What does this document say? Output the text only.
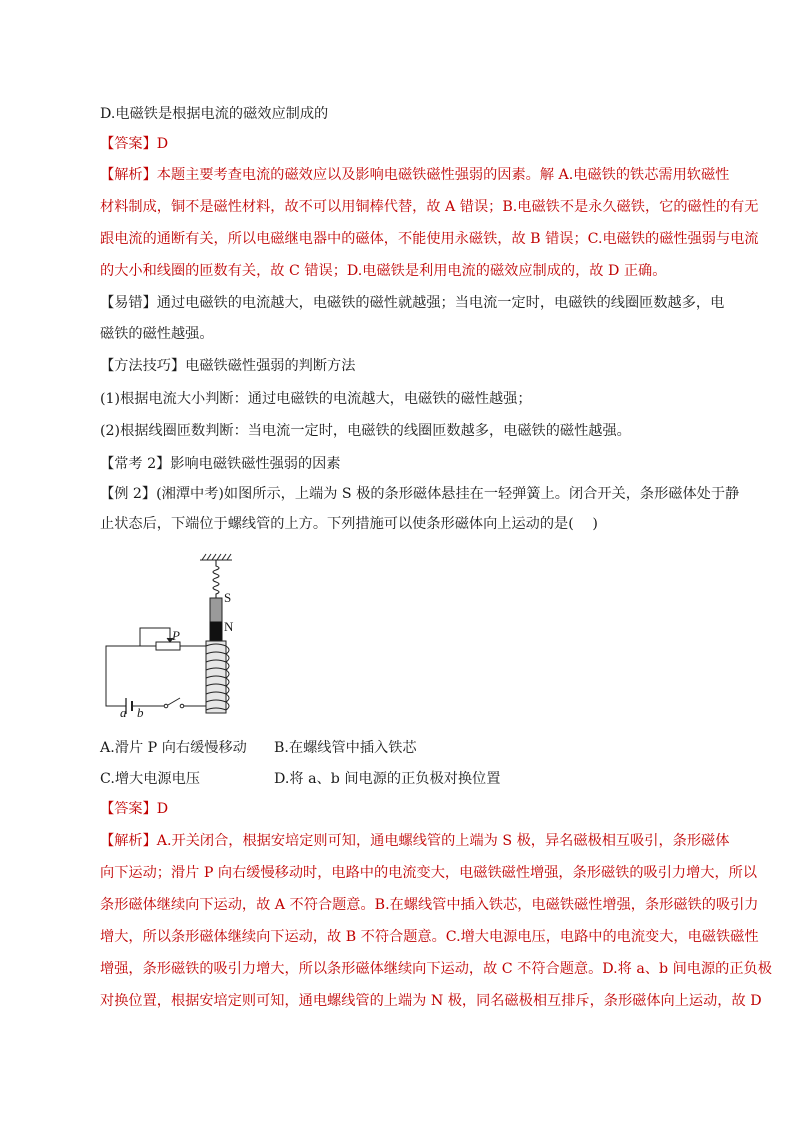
D.电磁铁是根据电流的磁效应制成的
【答案】D
【解析】本题主要考查电流的磁效应以及影响电磁铁磁性强弱的因素。解 A.电磁铁的铁芯需用软磁性
材料制成，铜不是磁性材料，故不可以用铜棒代替，故 A 错误；B.电磁铁不是永久磁铁，它的磁性的有无
跟电流的通断有关，所以电磁继电器中的磁体，不能使用永磁铁，故 B 错误；C.电磁铁的磁性强弱与电流
的大小和线圈的匝数有关，故 C 错误；D.电磁铁是利用电流的磁效应制成的，故 D 正确。
【易错】通过电磁铁的电流越大，电磁铁的磁性就越强；当电流一定时，电磁铁的线圈匝数越多，电
磁铁的磁性越强。
【方法技巧】电磁铁磁性强弱的判断方法
(1)根据电流大小判断：通过电磁铁的电流越大，电磁铁的磁性越强；
(2)根据线圈匝数判断：当电流一定时，电磁铁的线圈匝数越多，电磁铁的磁性越强。
【常考 2】影响电磁铁磁性强弱的因素
【例 2】(湘潭中考)如图所示，上端为 S 极的条形磁体悬挂在一轻弹簧上。闭合开关，条形磁体处于静
止状态后，下端位于螺线管的上方。下列措施可以使条形磁体向上运动的是(　 )
S
N
P
a b
A.滑片 P 向右缓慢移动 B.在螺线管中插入铁芯
C.增大电源电压	D.将 a、b 间电源的正负极对换位置
【答案】D
【解析】A.开关闭合，根据安培定则可知，通电螺线管的上端为 S 极，异名磁极相互吸引，条形磁体
向下运动；滑片 P 向右缓慢移动时，电路中的电流变大，电磁铁磁性增强，条形磁铁的吸引力增大，所以
条形磁体继续向下运动，故 A 不符合题意。B.在螺线管中插入铁芯，电磁铁磁性增强，条形磁铁的吸引力
增大，所以条形磁体继续向下运动，故 B 不符合题意。C.增大电源电压，电路中的电流变大，电磁铁磁性
增强，条形磁铁的吸引力增大，所以条形磁体继续向下运动，故 C 不符合题意。D.将 a、b 间电源的正负极
对换位置，根据安培定则可知，通电螺线管的上端为 N 极，同名磁极相互排斥，条形磁体向上运动，故 D
